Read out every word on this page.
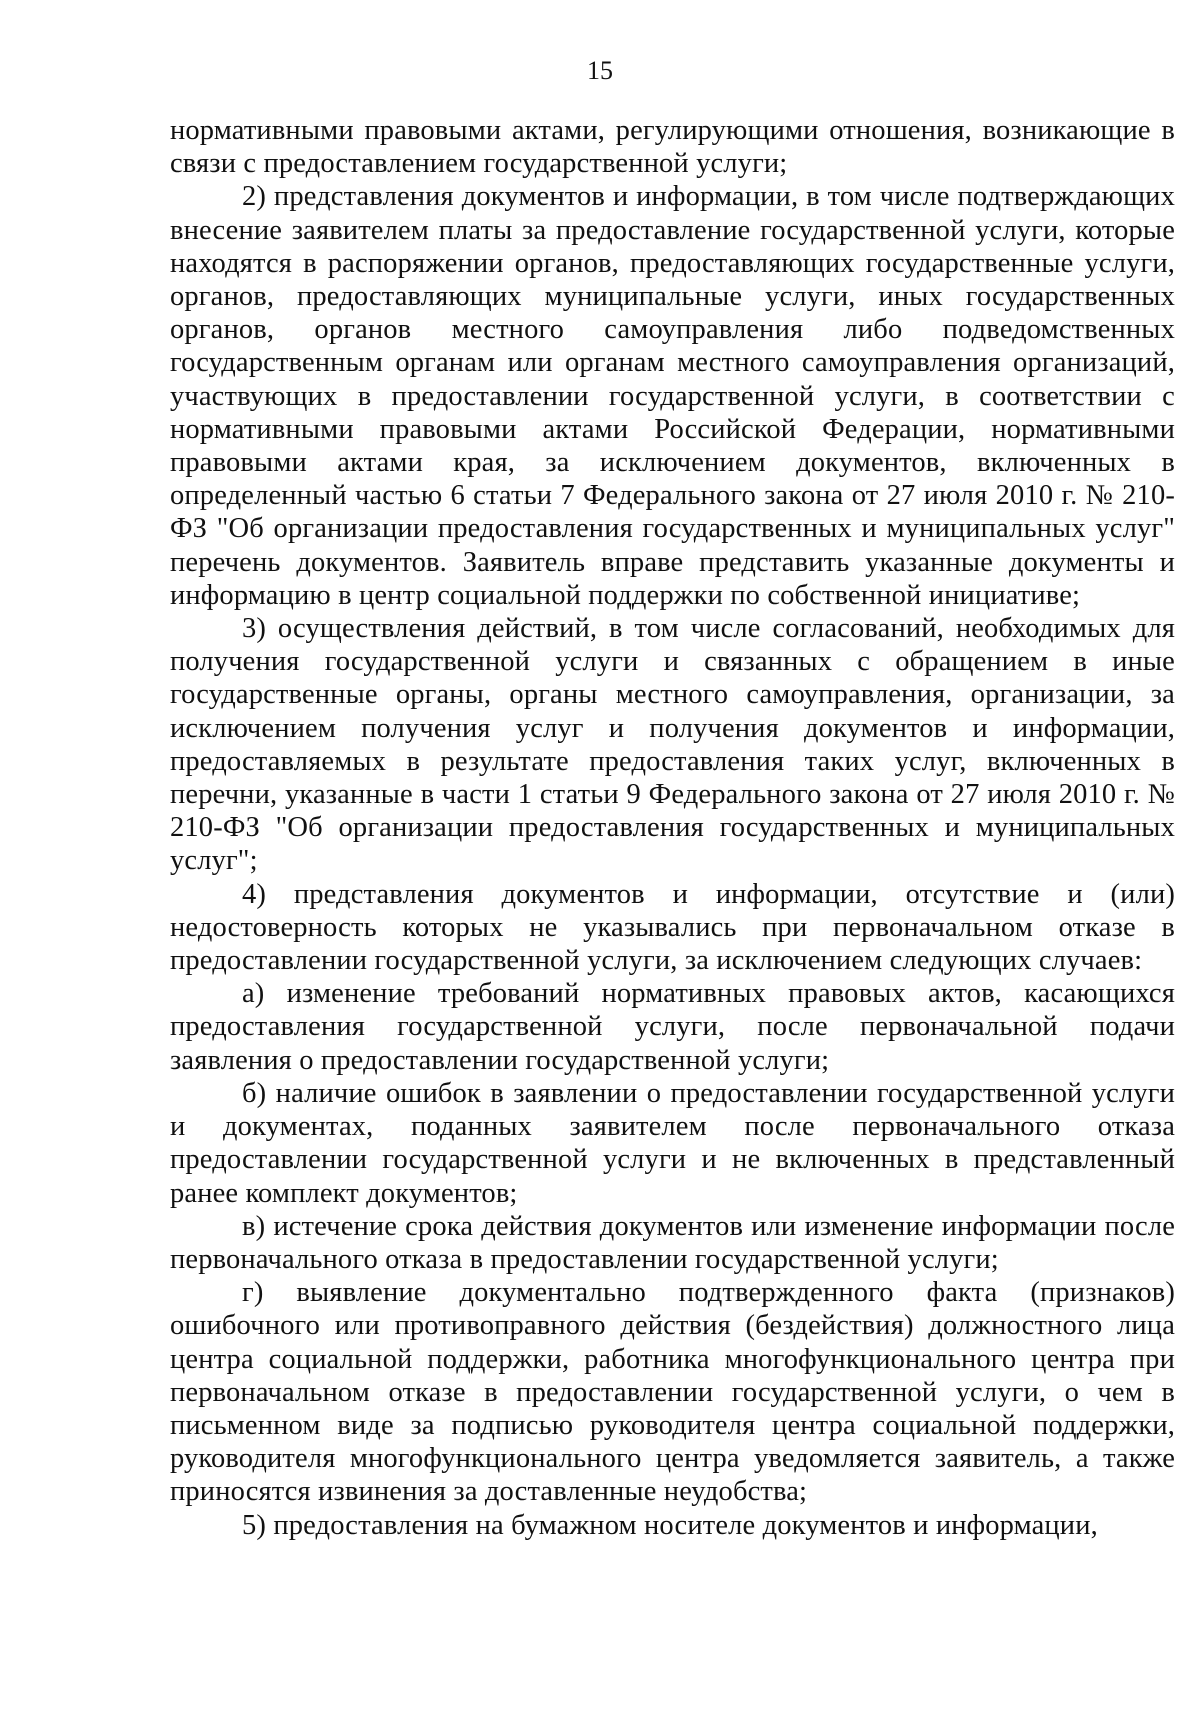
15

нормативными правовыми актами, регулирующими отношения, возникающие в связи с предоставлением государственной услуги;

2) представления документов и информации, в том числе подтверждающих внесение заявителем платы за предоставление государственной услуги, которые находятся в распоряжении органов, предоставляющих государственные услуги, органов, предоставляющих муниципальные услуги, иных государственных органов, органов местного самоуправления либо подведомственных государственным органам или органам местного самоуправления организаций, участвующих в предоставлении государственной услуги, в соответствии с нормативными правовыми актами Российской Федерации, нормативными правовыми актами края, за исключением документов, включенных в определенный частью 6 статьи 7 Федерального закона от 27 июля 2010 г. № 210-ФЗ "Об организации предоставления государственных и муниципальных услуг" перечень документов. Заявитель вправе представить указанные документы и информацию в центр социальной поддержки по собственной инициативе;

3) осуществления действий, в том числе согласований, необходимых для получения государственной услуги и связанных с обращением в иные государственные органы, органы местного самоуправления, организации, за исключением получения услуг и получения документов и информации, предоставляемых в результате предоставления таких услуг, включенных в перечни, указанные в части 1 статьи 9 Федерального закона от 27 июля 2010 г. № 210-ФЗ "Об организации предоставления государственных и муниципальных услуг";

4) представления документов и информации, отсутствие и (или) недостоверность которых не указывались при первоначальном отказе в предоставлении государственной услуги, за исключением следующих случаев:

а) изменение требований нормативных правовых актов, касающихся предоставления государственной услуги, после первоначальной подачи заявления о предоставлении государственной услуги;

б) наличие ошибок в заявлении о предоставлении государственной услуги и документах, поданных заявителем после первоначального отказа предоставлении государственной услуги и не включенных в представленный ранее комплект документов;

в) истечение срока действия документов или изменение информации после первоначального отказа в предоставлении государственной услуги;

г) выявление документально подтвержденного факта (признаков) ошибочного или противоправного действия (бездействия) должностного лица центра социальной поддержки, работника многофункционального центра при первоначальном отказе в предоставлении государственной услуги, о чем в письменном виде за подписью руководителя центра социальной поддержки, руководителя многофункционального центра уведомляется заявитель, а также приносятся извинения за доставленные неудобства;

5) предоставления на бумажном носителе документов и информации,
